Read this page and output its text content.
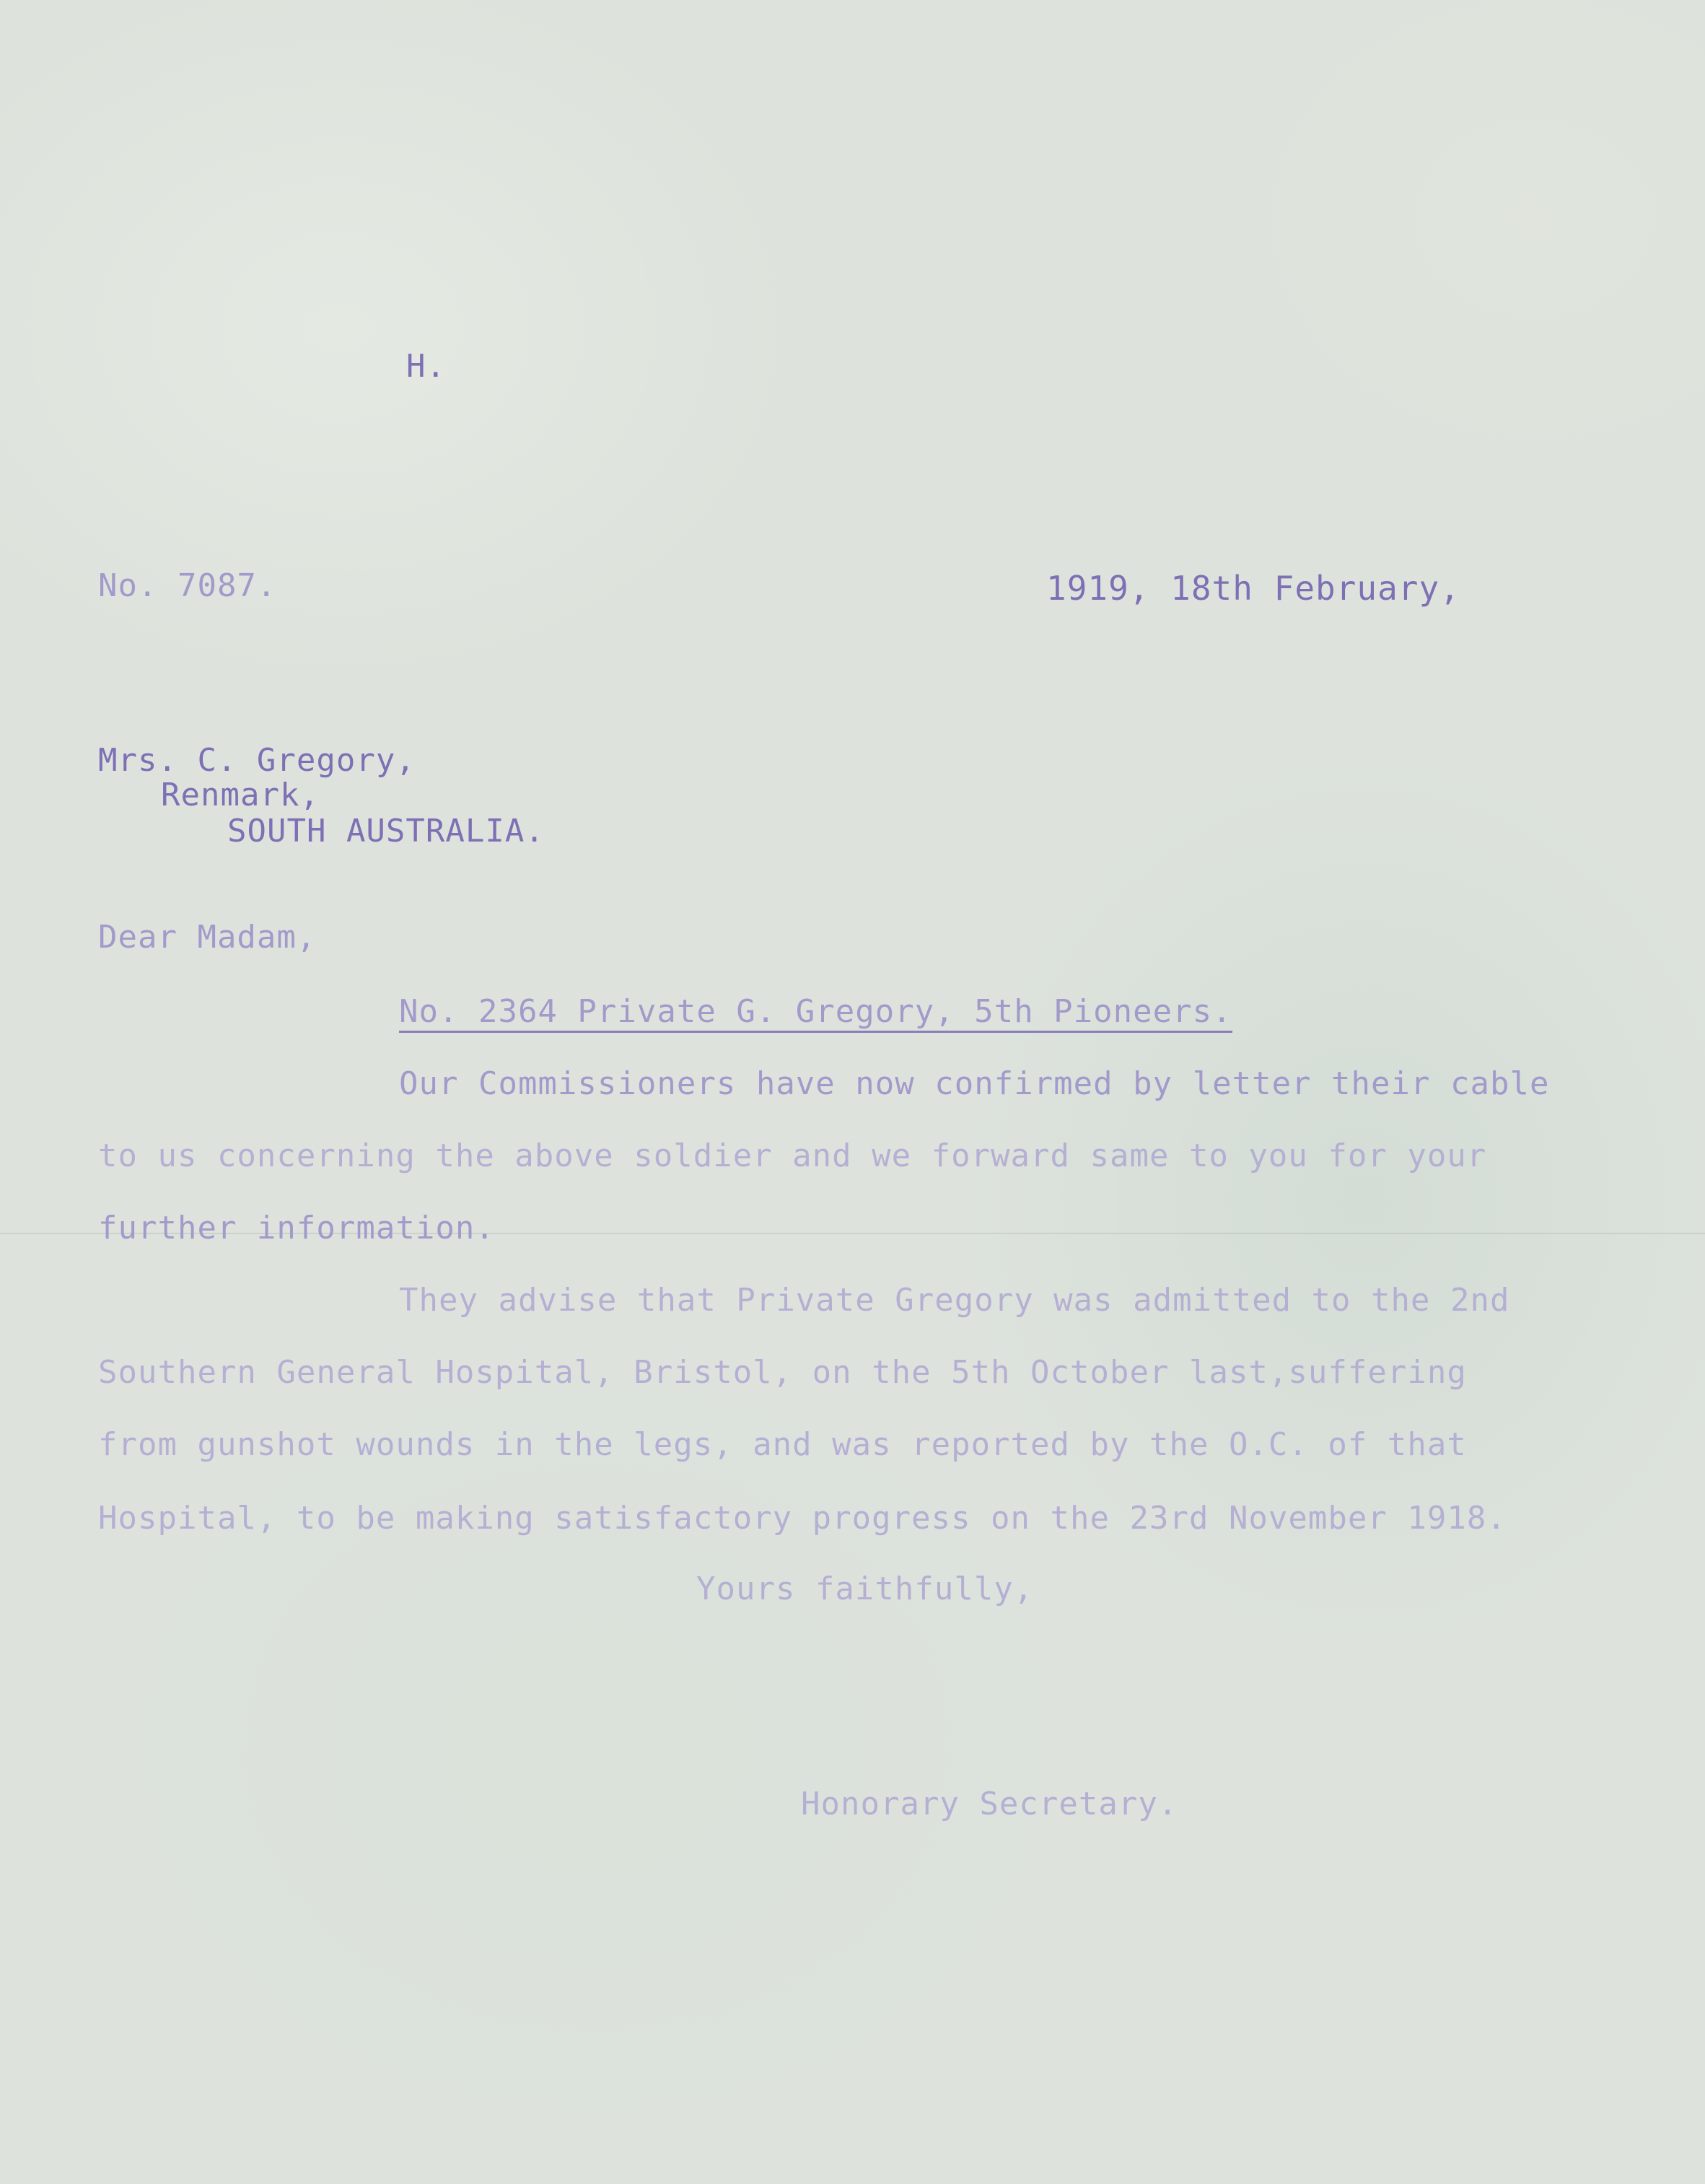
H.
No. 7087.	1919, 18th February,
Mrs. C. Gregory,
Renmark,
SOUTH AUSTRALIA.
Dear Madam,
No. 2364 Private G. Gregory, 5th Pioneers.
Our Commissioners have now confirmed by letter their cable
to us concerning the above soldier and we forward same to you for your
further information.
They advise that Private Gregory was admitted to the 2nd
Southern General Hospital, Bristol, on the 5th October last,suffering
from gunshot wounds in the legs, and was reported by the O.C. of that
Hospital, to be making satisfactory progress on the 23rd November 1918.
Yours faithfully,
Honorary Secretary.
